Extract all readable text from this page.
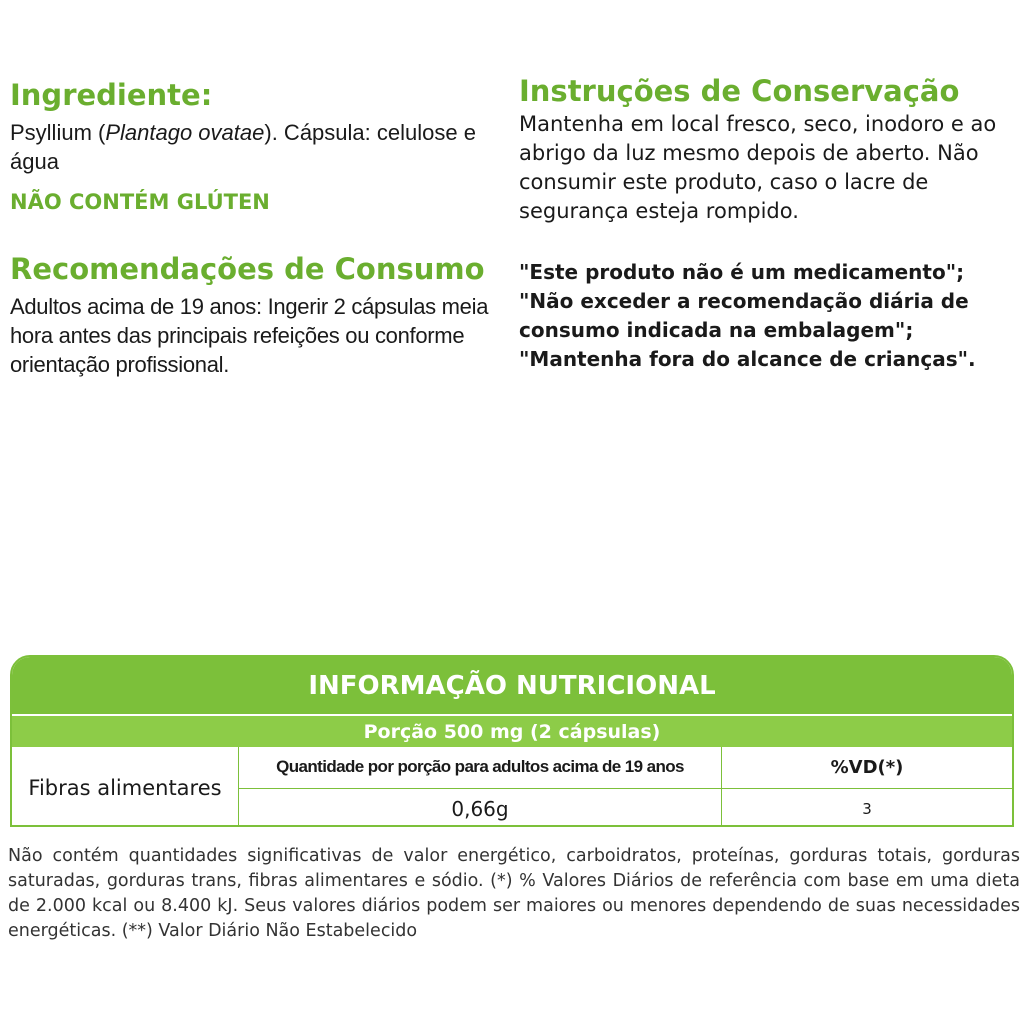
Ingrediente:

Psyllium (Plantago ovatae). Cápsula: celulose e água

NÃO CONTÉM GLÚTEN
Recomendações de Consumo

Adultos acima de 19 anos: Ingerir 2 cápsulas meia hora antes das principais refeições ou conforme orientação profissional.

Instruções de Conservação

Mantenha em local fresco, seco, inodoro e ao abrigo da luz mesmo depois de aberto. Não consumir este produto, caso o lacre de segurança esteja rompido.

"Este produto não é um medicamento";
"Não exceder a recomendação diária de consumo indicada na embalagem";
"Mantenha fora do alcance de crianças".
INFORMAÇÃO NUTRICIONAL
Porção 500 mg (2 cápsulas)
Fibras alimentares
Quantidade por porção para adultos acima de 19 anos	%VD(*)
0,66g	3

Não contém quantidades significativas de valor energético, carboidratos, proteínas, gorduras totais, gorduras saturadas, gorduras trans, fibras alimentares e sódio. (*) % Valores Diários de referência com base em uma dieta de 2.000 kcal ou 8.400 kJ. Seus valores diários podem ser maiores ou menores dependendo de suas necessidades energéticas. (**) Valor Diário Não Estabelecido
